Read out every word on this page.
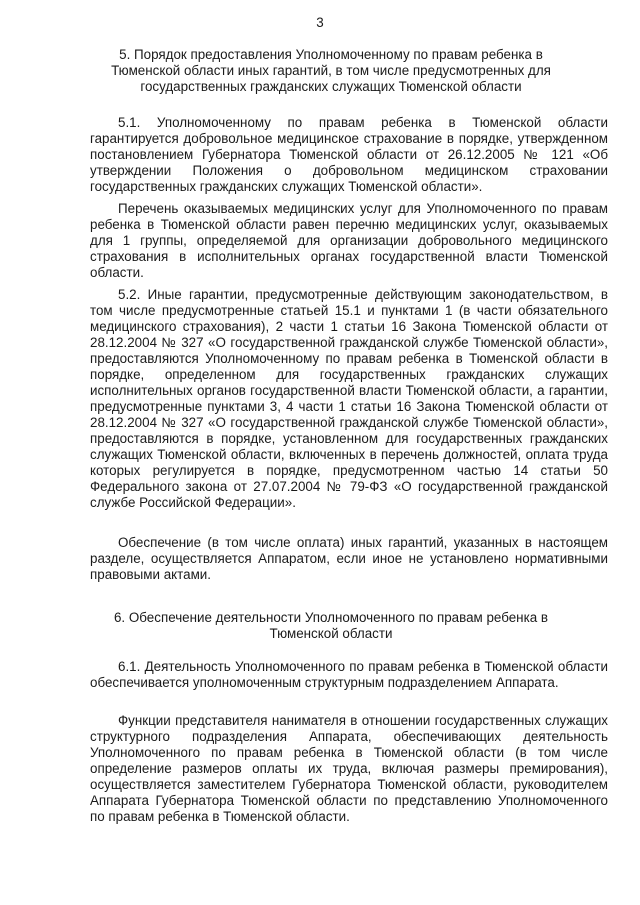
3
5. Порядок предоставления Уполномоченному по правам ребенка в Тюменской области иных гарантий, в том числе предусмотренных для государственных гражданских служащих Тюменской области

5.1. Уполномоченному по правам ребенка в Тюменской области гарантируется добровольное медицинское страхование в порядке, утвержденном постановлением Губернатора Тюменской области от 26.12.2005 № 121 «Об утверждении Положения о добровольном медицинском страховании государственных гражданских служащих Тюменской области».

Перечень оказываемых медицинских услуг для Уполномоченного по правам ребенка в Тюменской области равен перечню медицинских услуг, оказываемых для 1 группы, определяемой для организации добровольного медицинского страхования в исполнительных органах государственной власти Тюменской области.

5.2. Иные гарантии, предусмотренные действующим законодательством, в том числе предусмотренные статьей 15.1 и пунктами 1 (в части обязательного медицинского страхования), 2 части 1 статьи 16 Закона Тюменской области от 28.12.2004 № 327 «О государственной гражданской службе Тюменской области», предоставляются Уполномоченному по правам ребенка в Тюменской области в порядке, определенном для государственных гражданских служащих исполнительных органов государственной власти Тюменской области, а гарантии, предусмотренные пунктами 3, 4 части 1 статьи 16 Закона Тюменской области от 28.12.2004 № 327 «О государственной гражданской службе Тюменской области», предоставляются в порядке, установленном для государственных гражданских служащих Тюменской области, включенных в перечень должностей, оплата труда которых регулируется в порядке, предусмотренном частью 14 статьи 50 Федерального закона от 27.07.2004 № 79-ФЗ «О государственной гражданской службе Российской Федерации».

Обеспечение (в том числе оплата) иных гарантий, указанных в настоящем разделе, осуществляется Аппаратом, если иное не установлено нормативными правовыми актами.

6. Обеспечение деятельности Уполномоченного по правам ребенка в Тюменской области

6.1. Деятельность Уполномоченного по правам ребенка в Тюменской области обеспечивается уполномоченным структурным подразделением Аппарата.

Функции представителя нанимателя в отношении государственных служащих структурного подразделения Аппарата, обеспечивающих деятельность Уполномоченного по правам ребенка в Тюменской области (в том числе определение размеров оплаты их труда, включая размеры премирования), осуществляется заместителем Губернатора Тюменской области, руководителем Аппарата Губернатора Тюменской области по представлению Уполномоченного по правам ребенка в Тюменской области.
